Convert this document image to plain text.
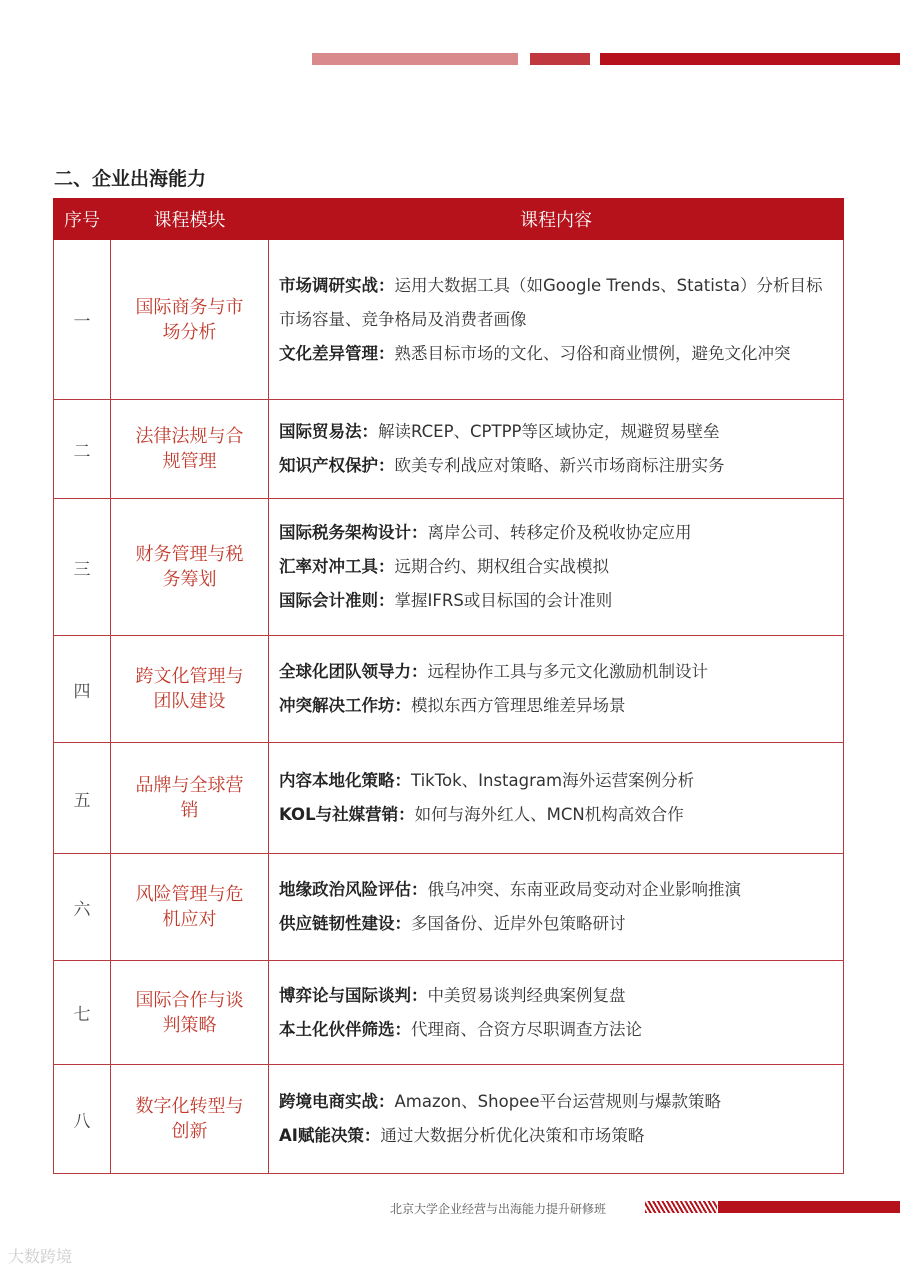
二、企业出海能力
序号	课程模块	课程内容
一	国际商务与市场分析	市场调研实战：运用大数据工具（如Google Trends、Statista）分析目标市场容量、竞争格局及消费者画像
文化差异管理：熟悉目标市场的文化、习俗和商业惯例，避免文化冲突

二	法律法规与合规管理	国际贸易法：解读RCEP、CPTPP等区域协定，规避贸易壁垒
知识产权保护：欧美专利战应对策略、新兴市场商标注册实务

三	财务管理与税务筹划	国际税务架构设计：离岸公司、转移定价及税收协定应用
汇率对冲工具：远期合约、期权组合实战模拟
国际会计准则：掌握IFRS或目标国的会计准则

四	跨文化管理与团队建设	全球化团队领导力：远程协作工具与多元文化激励机制设计
冲突解决工作坊：模拟东西方管理思维差异场景

五	品牌与全球营销	内容本地化策略：TikTok、Instagram海外运营案例分析
KOL与社媒营销：如何与海外红人、MCN机构高效合作

六	风险管理与危机应对	地缘政治风险评估：俄乌冲突、东南亚政局变动对企业影响推演
供应链韧性建设：多国备份、近岸外包策略研讨

七	国际合作与谈判策略	博弈论与国际谈判：中美贸易谈判经典案例复盘
本土化伙伴筛选：代理商、合资方尽职调查方法论

八	数字化转型与创新	跨境电商实战：Amazon、Shopee平台运营规则与爆款策略
AI赋能决策：通过大数据分析优化决策和市场策略
北京大学企业经营与出海能力提升研修班
大数跨境
